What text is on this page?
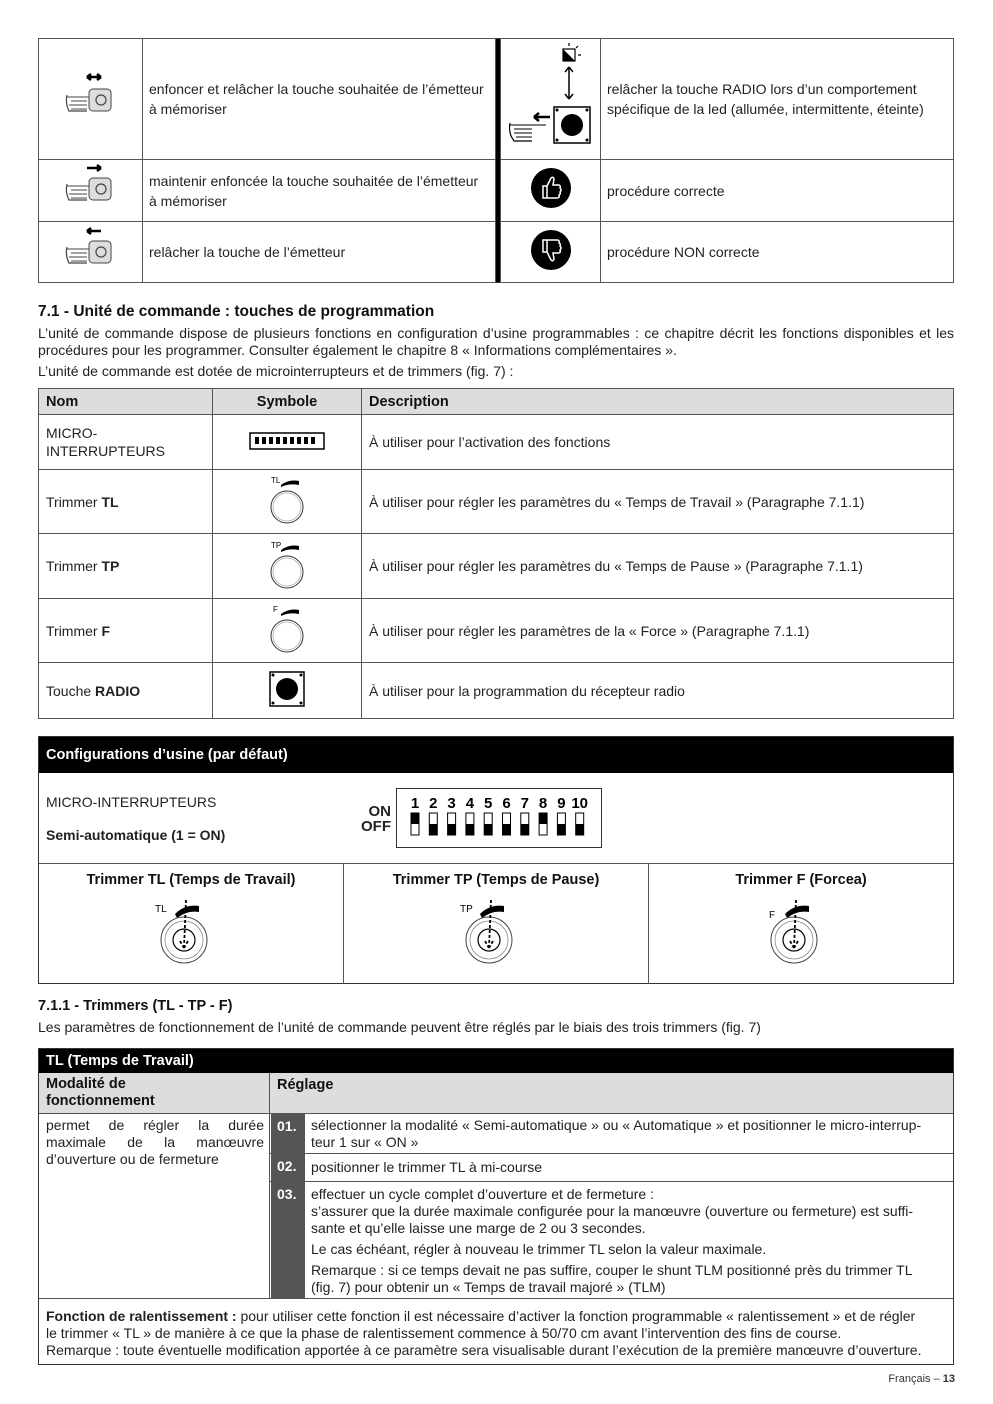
	enfoncer et relâcher la touche souhaitée de l’émetteur à mémoriser			relâcher la touche RADIO lors d’un comportement spécifique de la led (allumée, intermittente, éteinte)
	maintenir enfoncée la touche souhaitée de l’émetteur à mémoriser			procédure correcte
	relâcher la touche de l’émetteur			procédure NON correcte
7.1 - Unité de commande : touches de programmation

L’unité de commande dispose de plusieurs fonctions en configuration d’usine programmables : ce chapitre décrit les fonctions disponibles et les procédures pour les programmer. Consulter également le chapitre 8 « Informations complémentaires ».

L’unité de commande est dotée de microinterrupteurs et de trimmers (fig. 7) :

Nom	Symbole	Description
MICRO-
INTERRUPTEURS		À utiliser pour l’activation des fonctions
Trimmer TL	TL	À utiliser pour régler les paramètres du « Temps de Travail » (Paragraphe 7.1.1)
Trimmer TP	TP	À utiliser pour régler les paramètres du « Temps de Pause » (Paragraphe 7.1.1)
Trimmer F	F	À utiliser pour régler les paramètres de la « Force » (Paragraphe 7.1.1)
Touche RADIO		À utiliser pour la programmation du récepteur radio
Configurations d’usine (par défaut)
MICRO-INTERRUPTEURS
Semi-automatique (1 = ON)
ON
OFF
1 2 3 4 5 6 7 8 9 10
Trimmer TL (Temps de Travail)
TL
Trimmer TP (Temps de Pause)
TP
Trimmer F (Forcea)
F
7.1.1 - Trimmers (TL - TP - F)

Les paramètres de fonctionnement de l’unité de commande peuvent être réglés par le biais des trois trimmers (fig. 7)

TL (Temps de Travail)
Modalité de
fonctionnement
Réglage
permet de régler la durée maximale de la manœuvre d’ouverture ou de fermeture
01.	sélectionner la modalité « Semi-automatique » ou « Automatique » et positionner le micro-interrup-
teur 1 sur « ON »
02.	positionner le trimmer TL à mi-course
03.	effectuer un cycle complet d’ouverture et de fermeture :
s’assurer que la durée maximale configurée pour la manœuvre (ouverture ou fermeture) est suffi-
sante et qu’elle laisse une marge de 2 ou 3 secondes.
Le cas échéant, régler à nouveau le trimmer TL selon la valeur maximale.
Remarque : si ce temps devait ne pas suffire, couper le shunt TLM positionné près du trimmer TL
(fig. 7) pour obtenir un « Temps de travail majoré » (TLM)
Fonction de ralentissement : pour utiliser cette fonction il est nécessaire d’activer la fonction programmable « ralentissement » et de régler
le trimmer « TL » de manière à ce que la phase de ralentissement commence à 50/70 cm avant l’intervention des fins de course.
Remarque : toute éventuelle modification apportée à ce paramètre sera visualisable durant l’exécution de la première manœuvre d’ouverture.
Français – 13
